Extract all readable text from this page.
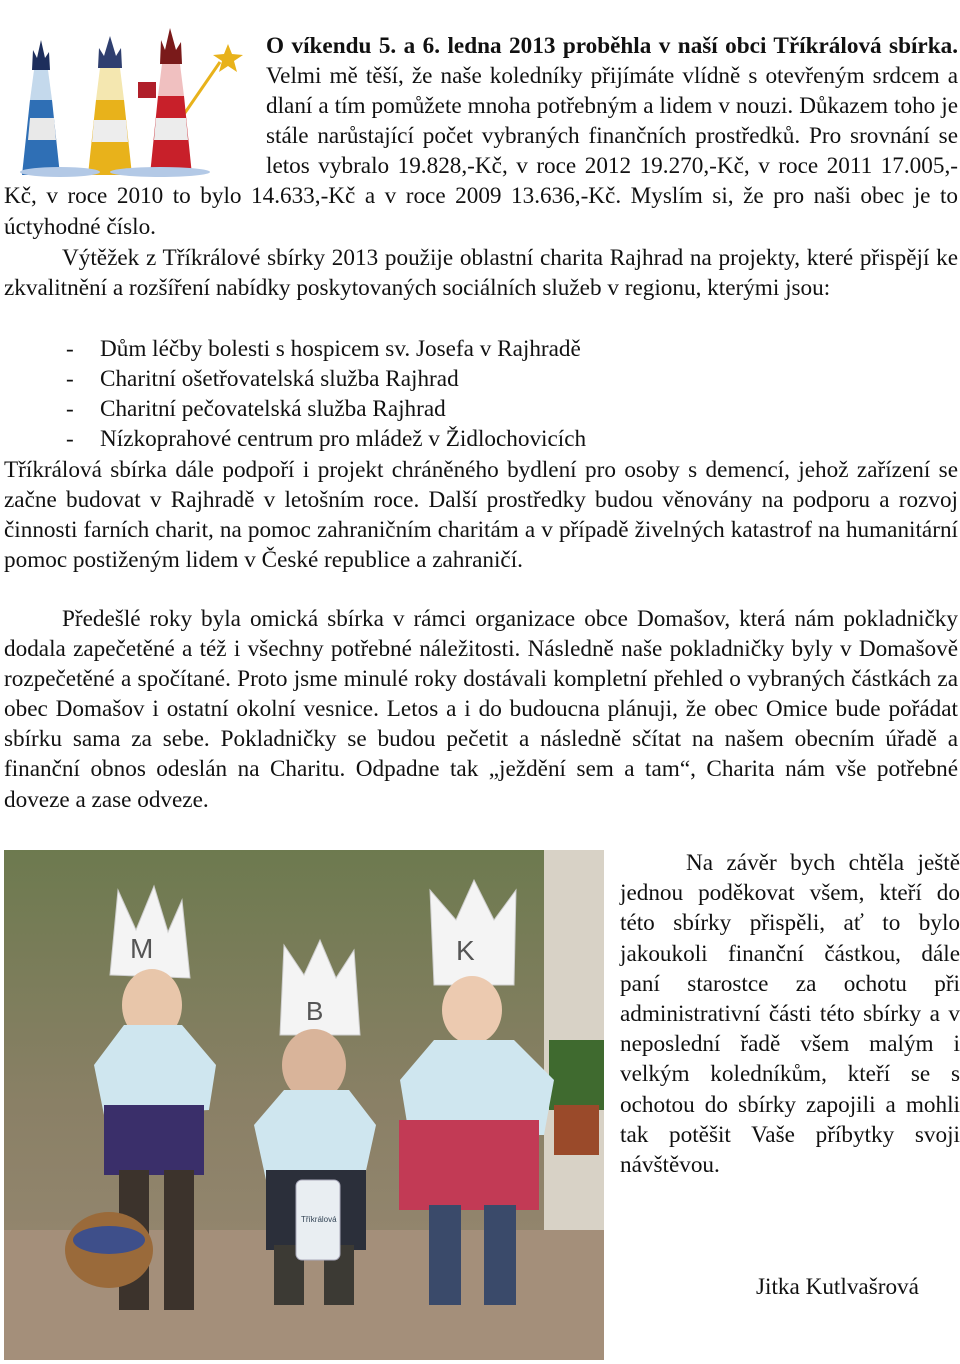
O víkendu 5. a 6. ledna 2013 proběhla v naší obci Tříkrálová sbírka. Velmi mě těší, že naše koledníky přijímáte vlídně s otevřeným srdcem a dlaní a tím pomůžete mnoha potřebným a lidem v nouzi. Důkazem toho je stále narůstající počet vybraných finančních prostředků. Pro srovnání se letos vybralo 19.828,-Kč, v roce 2012 19.270,-Kč, v roce 2011 17.005,-Kč, v roce 2010 to bylo 14.633,-Kč a v roce 2009 13.636,-Kč. Myslím si, že pro naši obec je to úctyhodné číslo.

Výtěžek z Tříkrálové sbírky 2013 použije oblastní charita Rajhrad na projekty, které přispějí ke zkvalitnění a rozšíření nabídky poskytovaných sociálních služeb v regionu, kterými jsou:

- Dům léčby bolesti s hospicem sv. Josefa v Rajhradě
- Charitní ošetřovatelská služba Rajhrad
- Charitní pečovatelská služba Rajhrad
- Nízkoprahové centrum pro mládež v Židlochovicích

Tříkrálová sbírka dále podpoří i projekt chráněného bydlení pro osoby s demencí, jehož zařízení se začne budovat v Rajhradě v letošním roce. Další prostředky budou věnovány na podporu a rozvoj činnosti farních charit, na pomoc zahraničním charitám a v případě živelných katastrof na humanitární pomoc postiženým lidem v České republice a zahraničí.

Předešlé roky byla omická sbírka v rámci organizace obce Domašov, která nám pokladničky dodala zapečetěné a též i všechny potřebné náležitosti. Následně naše pokladničky byly v Domašově rozpečetěné a spočítané. Proto jsme minulé roky dostávali kompletní přehled o vybraných částkách za obec Domašov i ostatní okolní vesnice. Letos a i do budoucna plánuji, že obec Omice bude pořádat sbírku sama za sebe. Pokladničky se budou pečetit a následně sčítat na našem obecním úřadě a finanční obnos odeslán na Charitu. Odpadne tak „ježdění sem a tam“, Charita nám vše potřebné doveze a zase odveze.

M
B
Tříkrálová
K

Na závěr bych chtěla ještě jednou poděkovat všem, kteří do této sbírky přispěli, ať to bylo jakoukoli finanční částkou, dále paní starostce za ochotu při administrativní části této sbírky a v neposlední řadě všem malým i velkým koledníkům, kteří se s ochotou do sbírky zapojili a mohli tak potěšit Vaše příbytky svoji návštěvou.

Jitka Kutlvašrová
